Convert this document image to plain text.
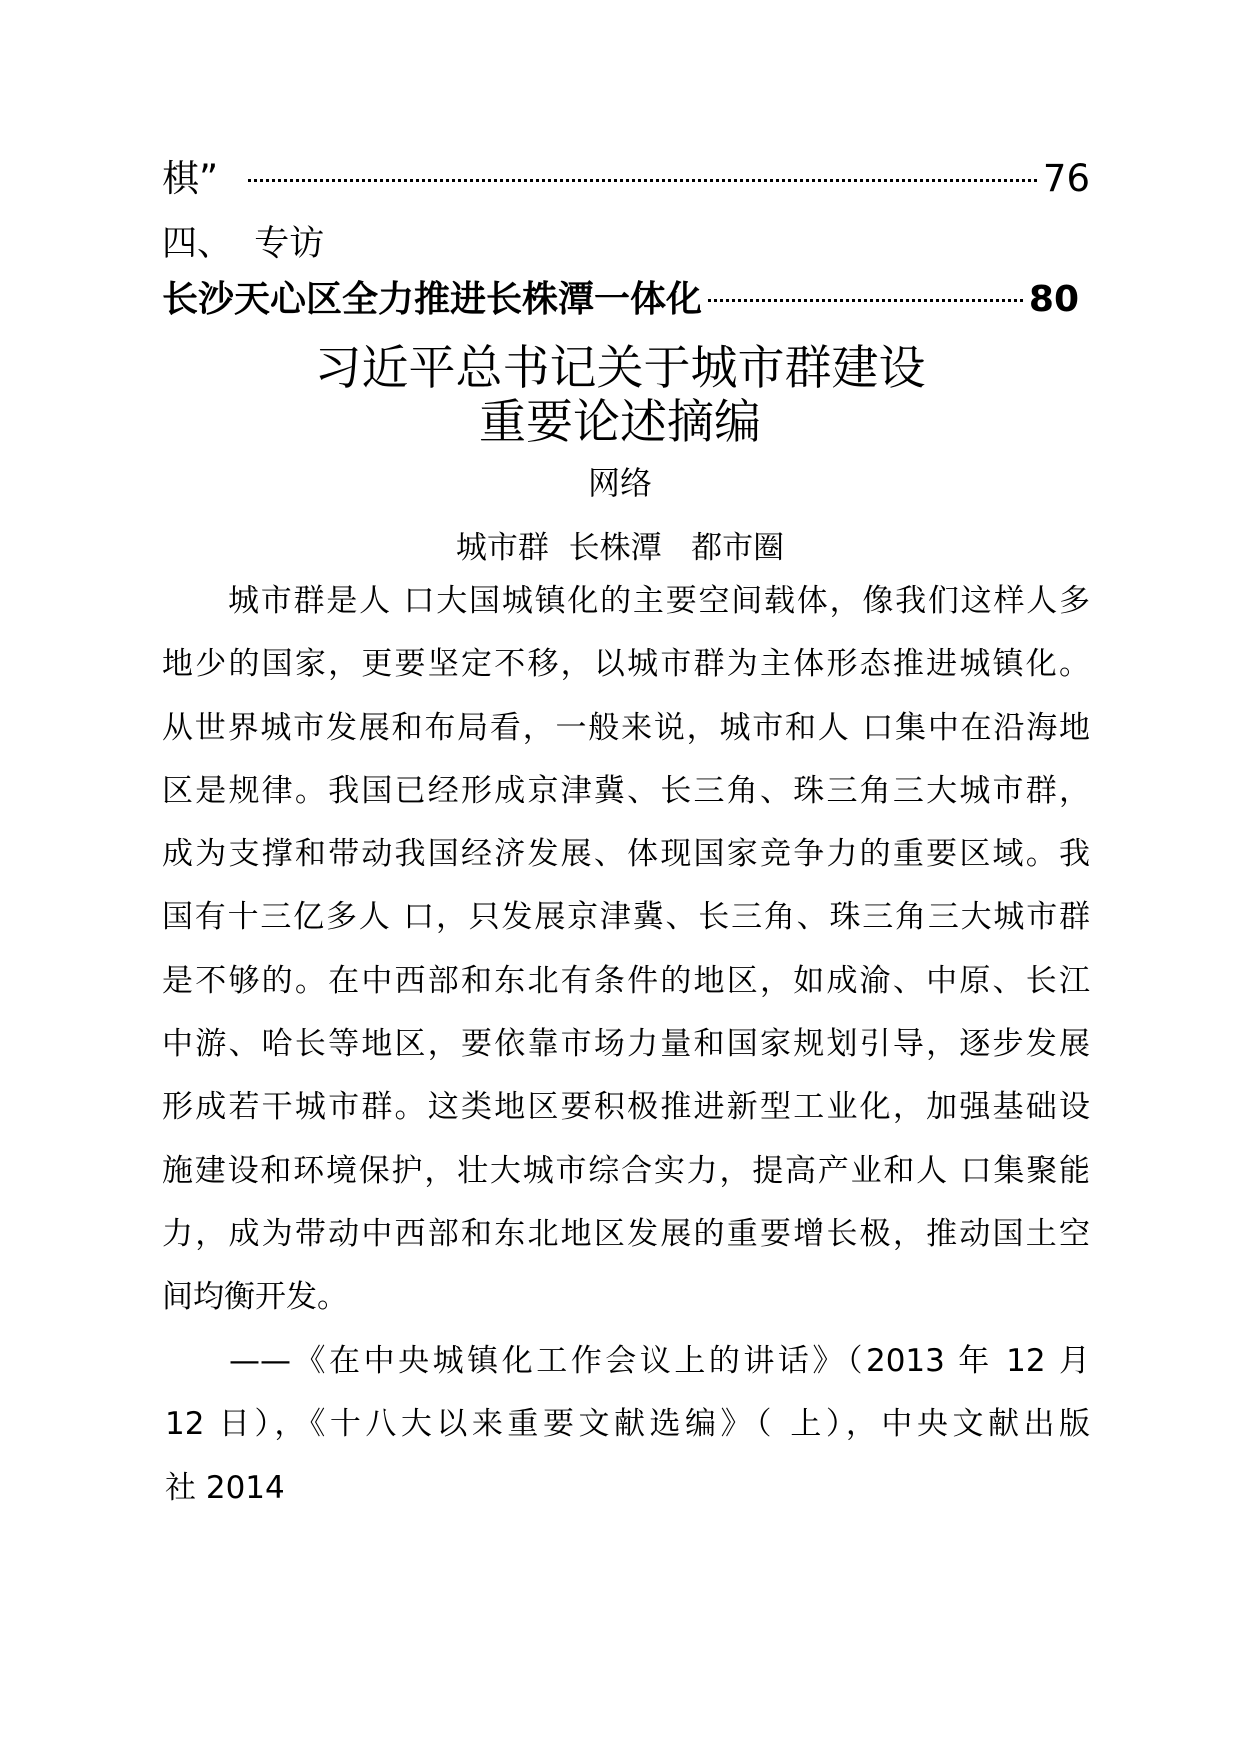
棋”	76
四、  专访
长沙天心区全力推进长株潭一体化	80
习近平总书记关于城市群建设
重要论述摘编
网络
城市群  长株潭   都市圈
城市群是人 口大国城镇化的主要空间载体，像我们这样人多
地少的国家，更要坚定不移，以城市群为主体形态推进城镇化。
从世界城市发展和布局看，一般来说，城市和人 口集中在沿海地
区是规律。我国已经形成京津冀、长三角、珠三角三大城市群，
成为支撑和带动我国经济发展、体现国家竞争力的重要区域。我
国有十三亿多人 口，只发展京津冀、长三角、珠三角三大城市群
是不够的。在中西部和东北有条件的地区，如成渝、中原、长江
中游、哈长等地区，要依靠市场力量和国家规划引导，逐步发展
形成若干城市群。这类地区要积极推进新型工业化，加强基础设
施建设和环境保护，壮大城市综合实力，提高产业和人 口集聚能
力，成为带动中西部和东北地区发展的重要增长极，推动国土空
间均衡开发。
——《在中央城镇化工作会议上的讲话》（2013 年 12 月
12 日），《十八大以来重要文献选编》（ 上），中央文献出版
社 2014
